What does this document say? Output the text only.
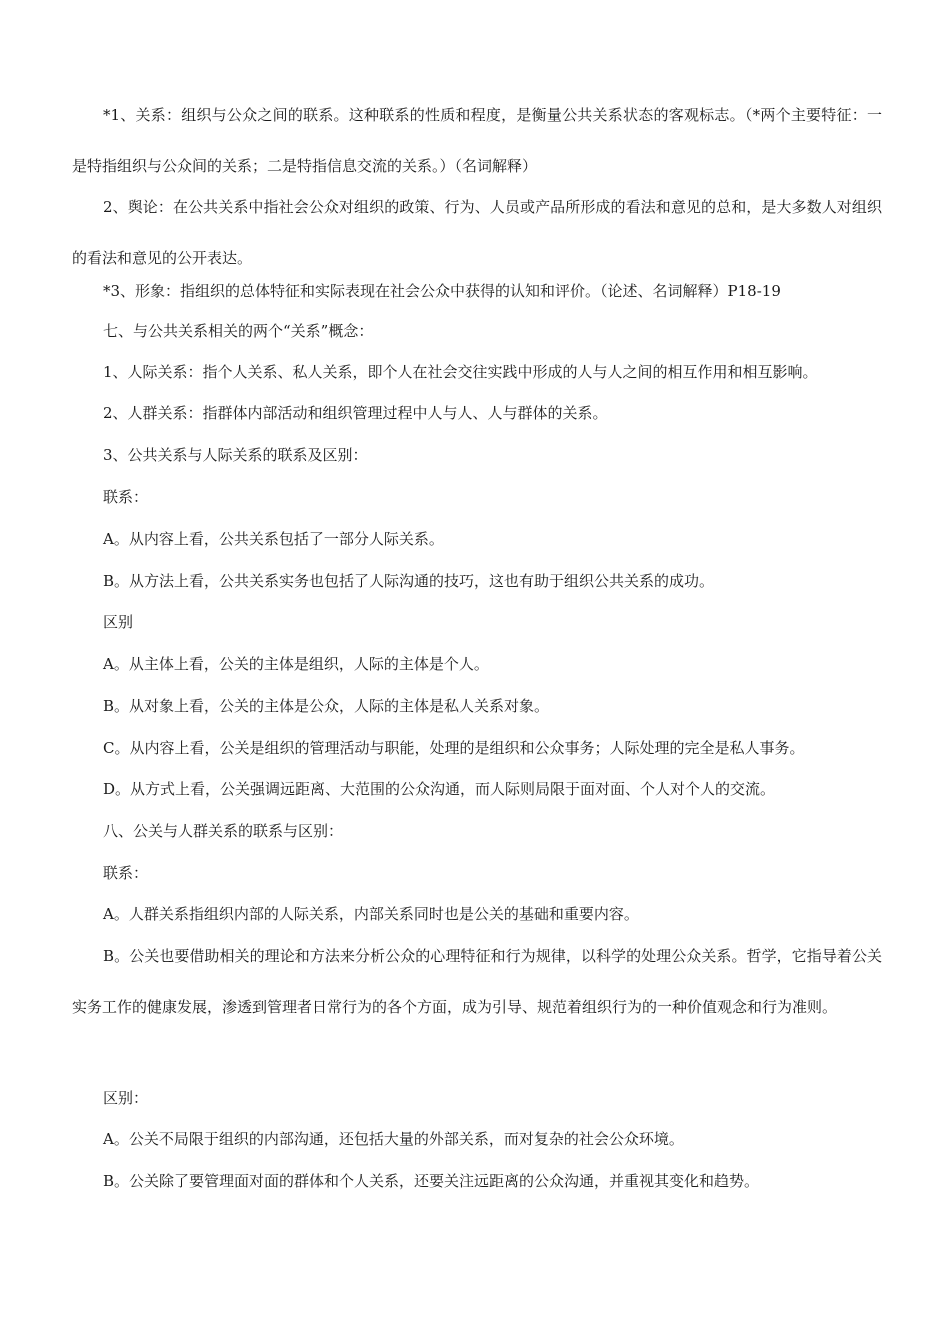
*1、关系：组织与公众之间的联系。这种联系的性质和程度，是衡量公共关系状态的客观标志。（*两个主要特征：一是特指组织与公众间的关系；二是特指信息交流的关系。）（名词解释）

2、舆论：在公共关系中指社会公众对组织的政策、行为、人员或产品所形成的看法和意见的总和，是大多数人对组织的看法和意见的公开表达。

*3、形象：指组织的总体特征和实际表现在社会公众中获得的认知和评价。（论述、名词解释）P18-19

七、与公共关系相关的两个“关系”概念：

1、人际关系：指个人关系、私人关系，即个人在社会交往实践中形成的人与人之间的相互作用和相互影响。

2、人群关系：指群体内部活动和组织管理过程中人与人、人与群体的关系。

3、公共关系与人际关系的联系及区别：

联系：

A。从内容上看，公共关系包括了一部分人际关系。

B。从方法上看，公共关系实务也包括了人际沟通的技巧，这也有助于组织公共关系的成功。

区别

A。从主体上看，公关的主体是组织，人际的主体是个人。

B。从对象上看，公关的主体是公众，人际的主体是私人关系对象。

C。从内容上看，公关是组织的管理活动与职能，处理的是组织和公众事务；人际处理的完全是私人事务。

D。从方式上看，公关强调远距离、大范围的公众沟通，而人际则局限于面对面、个人对个人的交流。

八、公关与人群关系的联系与区别：

联系：

A。人群关系指组织内部的人际关系，内部关系同时也是公关的基础和重要内容。

B。公关也要借助相关的理论和方法来分析公众的心理特征和行为规律，以科学的处理公众关系。哲学，它指导着公关实务工作的健康发展，渗透到管理者日常行为的各个方面，成为引导、规范着组织行为的一种价值观念和行为准则。

区别：

A。公关不局限于组织的内部沟通，还包括大量的外部关系，而对复杂的社会公众环境。

B。公关除了要管理面对面的群体和个人关系，还要关注远距离的公众沟通，并重视其变化和趋势。
